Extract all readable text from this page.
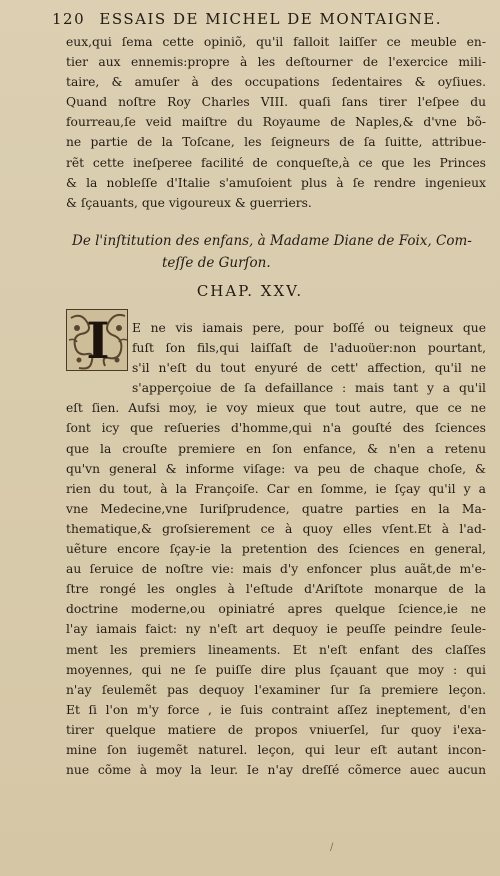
120 ESSAIS DE MICHEL DE MONTAIGNE.
eux,qui ſema cette opiniõ, qu'il falloit laiſſer ce meuble en-
tier aux ennemis:propre à les deſtourner de l'exercice mili-
taire, & amuſer à des occupations ſedentaires & oyſiues.
Quand noſtre Roy Charles VIII. quaſi ſans tirer l'eſpee du
fourreau,ſe veid maiſtre du Royaume de Naples,& d'vne bõ-
ne partie de la Toſcane, les ſeigneurs de ſa ſuitte, attribue-
rẽt cette ineſperee facilité de conqueſte,à ce que les Princes
& la nobleſſe d'Italie s'amuſoient plus à ſe rendre ingenieux
& ſçauants, que vigoureux & guerriers.
De l'inſtitution des enfans, à Madame Diane de Foix, Com-
teſſe de Gurſon.
CHAP. XXV.
I	E ne vis iamais pere, pour boſſé ou teigneux que
fuſt ſon fils,qui laiſſaſt de l'aduoüer:non pourtant,
s'il n'eſt du tout enyuré de cett' affection, qu'il ne
s'apperçoiue de ſa defaillance : mais tant y a qu'il
eſt ſien. Aufsi moy, ie voy mieux que tout autre, que ce ne
ſont icy que reſueries d'homme,qui n'a gouſté des ſciences
que la crouſte premiere en ſon enfance, & n'en a retenu
qu'vn general & informe viſage: va peu de chaque choſe, &
rien du tout, à la Françoiſe. Car en ſomme, ie ſçay qu'il y a
vne Medecine,vne Iuriſprudence, quatre parties en la Ma-
thematique,& groſsierement ce à quoy elles vſent.Et à l'ad-
uẽture encore ſçay-ie la pretention des ſciences en general,
au ſeruice de noſtre vie: mais d'y enfoncer plus auãt,de m'e-
ſtre rongé les ongles à l'eſtude d'Ariſtote monarque de la
doctrine moderne,ou opiniatré apres quelque ſcience,ie ne
l'ay iamais faict: ny n'eſt art dequoy ie peuſſe peindre ſeule-
ment les premiers lineaments. Et n'eſt enfant des claſſes
moyennes, qui ne ſe puiſſe dire plus ſçauant que moy : qui
n'ay ſeulemẽt pas dequoy l'examiner ſur ſa premiere leçon.
Et ſi l'on m'y force , ie ſuis contraint aſſez ineptement, d'en
tirer quelque matiere de propos vniuerſel, ſur quoy i'exa-
mine ſon iugemẽt naturel. leçon, qui leur eſt autant incon-
nue cõme à moy la leur. Ie n'ay dreſſé cõmerce auec aucun
/
